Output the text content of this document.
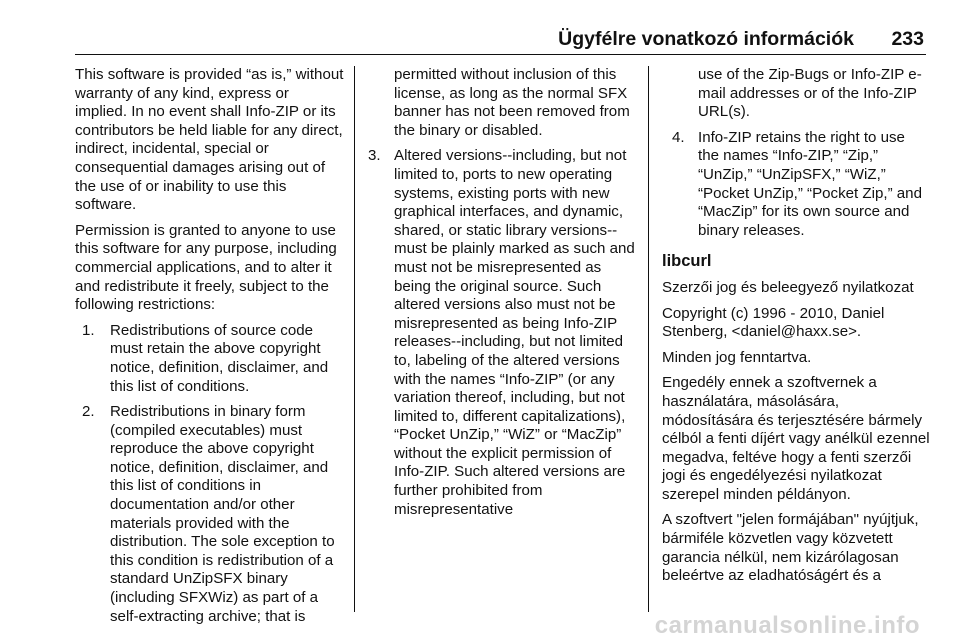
Ügyfélre vonatkozó információk 233

This software is provided “as is,” without warranty of any kind, express or implied. In no event shall Info-ZIP or its contributors be held liable for any direct, indirect, incidental, special or consequential damages arising out of the use of or inability to use this software.

Permission is granted to anyone to use this software for any purpose, including commercial applications, and to alter it and redistribute it freely, subject to the following restrictions:

1. Redistributions of source code must retain the above copyright notice, definition, disclaimer, and this list of conditions.
2. Redistributions in binary form (compiled executables) must reproduce the above copyright notice, definition, disclaimer, and this list of conditions in documentation and/or other materials provided with the distribution. The sole exception to this condition is redistribution of a standard UnZipSFX binary (including SFXWiz) as part of a self-extracting archive; that is
permitted without inclusion of this license, as long as the normal SFX banner has not been removed from the binary or disabled.
3. Altered versions--including, but not limited to, ports to new operating systems, existing ports with new graphical interfaces, and dynamic, shared, or static library versions--must be plainly marked as such and must not be misrepresented as being the original source. Such altered versions also must not be misrepresented as being Info-ZIP releases--including, but not limited to, labeling of the altered versions with the names “Info-ZIP” (or any variation thereof, including, but not limited to, different capitalizations), “Pocket UnZip,” “WiZ” or “MacZip” without the explicit permission of Info-ZIP. Such altered versions are further prohibited from misrepresentative
use of the Zip-Bugs or Info-ZIP e-mail addresses or of the Info-ZIP URL(s).
4. Info-ZIP retains the right to use the names “Info-ZIP,” “Zip,” “UnZip,” “UnZipSFX,” “WiZ,” “Pocket UnZip,” “Pocket Zip,” and “MacZip” for its own source and binary releases.
libcurl

Szerzői jog és beleegyező nyilatkozat

Copyright (c) 1996 - 2010, Daniel Stenberg, <daniel@haxx.se>.

Minden jog fenntartva.

Engedély ennek a szoftvernek a használatára, másolására, módosítására és terjesztésére bármely célból a fenti díjért vagy anélkül ezennel megadva, feltéve hogy a fenti szerzői jogi és engedélyezési nyilatkozat szerepel minden példányon.

A szoftvert "jelen formájában" nyújtjuk, bármiféle közvetlen vagy közvetett garancia nélkül, nem kizárólagosan beleértve az eladhatóságért és a

carmanualsonline.info
